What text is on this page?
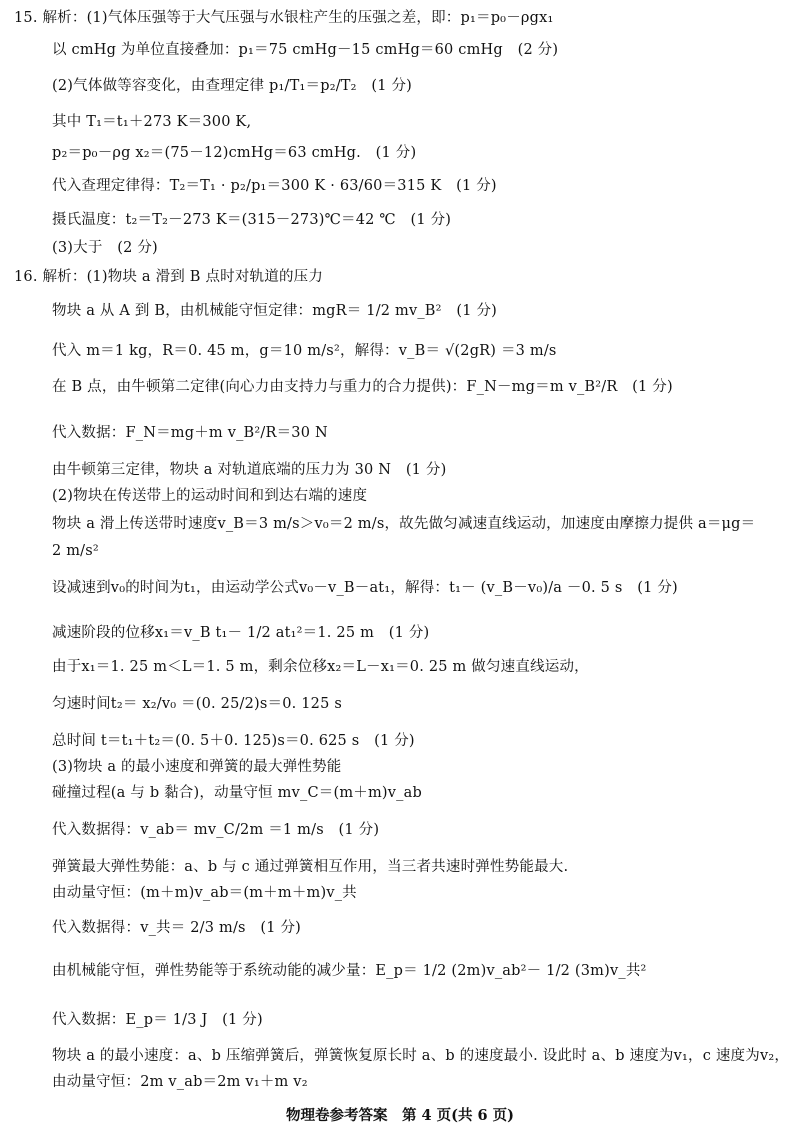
15. 解析：(1)气体压强等于大气压强与水银柱产生的压强之差，即：p₁＝p₀－ρgx₁
以 cmHg 为单位直接叠加：p₁＝75 cmHg－15 cmHg＝60 cmHg　(2 分)
(2)气体做等容变化，由查理定律 p₁/T₁＝p₂/T₂　(1 分)
其中 T₁＝t₁＋273 K＝300 K,
p₂＝p₀－ρg x₂＝(75－12)cmHg＝63 cmHg.　(1 分)
代入查理定律得：T₂＝T₁ · p₂/p₁＝300 K · 63/60＝315 K　(1 分)
摄氏温度：t₂＝T₂－273 K＝(315－273)℃＝42 ℃　(1 分)
(3)大于　(2 分)
16. 解析：(1)物块 a 滑到 B 点时对轨道的压力
物块 a 从 A 到 B，由机械能守恒定律：mgR＝ 1/2 mv_B²　(1 分)
代入 m＝1 kg，R＝0. 45 m，g＝10 m/s²，解得：v_B＝ √(2gR) ＝3 m/s
在 B 点，由牛顿第二定律(向心力由支持力与重力的合力提供)：F_N－mg＝m v_B²/R　(1 分)
代入数据：F_N＝mg＋m v_B²/R＝30 N
由牛顿第三定律，物块 a 对轨道底端的压力为 30 N　(1 分)
(2)物块在传送带上的运动时间和到达右端的速度
物块 a 滑上传送带时速度v_B＝3 m/s＞v₀＝2 m/s，故先做匀减速直线运动，加速度由摩擦力提供 a＝μg＝
2 m/s²
设减速到v₀的时间为t₁，由运动学公式v₀－v_B－at₁，解得：t₁－ (v_B－v₀)/a －0. 5 s　(1 分)
减速阶段的位移x₁＝v_B t₁－ 1/2 at₁²＝1. 25 m　(1 分)
由于x₁＝1. 25 m＜L＝1. 5 m，剩余位移x₂＝L－x₁＝0. 25 m 做匀速直线运动，
匀速时间t₂＝ x₂/v₀ ＝(0. 25/2)s＝0. 125 s
总时间 t＝t₁＋t₂＝(0. 5＋0. 125)s＝0. 625 s　(1 分)
(3)物块 a 的最小速度和弹簧的最大弹性势能
碰撞过程(a 与 b 黏合)，动量守恒 mv_C＝(m＋m)v_ab
代入数据得：v_ab＝ mv_C/2m ＝1 m/s　(1 分)
弹簧最大弹性势能：a、b 与 c 通过弹簧相互作用，当三者共速时弹性势能最大.
由动量守恒：(m＋m)v_ab＝(m＋m＋m)v_共
代入数据得：v_共＝ 2/3 m/s　(1 分)
由机械能守恒，弹性势能等于系统动能的减少量：E_p＝ 1/2 (2m)v_ab²－ 1/2 (3m)v_共²
代入数据：E_p＝ 1/3 J　(1 分)
物块 a 的最小速度：a、b 压缩弹簧后，弹簧恢复原长时 a、b 的速度最小. 设此时 a、b 速度为v₁，c 速度为v₂，
由动量守恒：2m v_ab＝2m v₁＋m v₂
物理卷参考答案　第 4 页(共 6 页)
